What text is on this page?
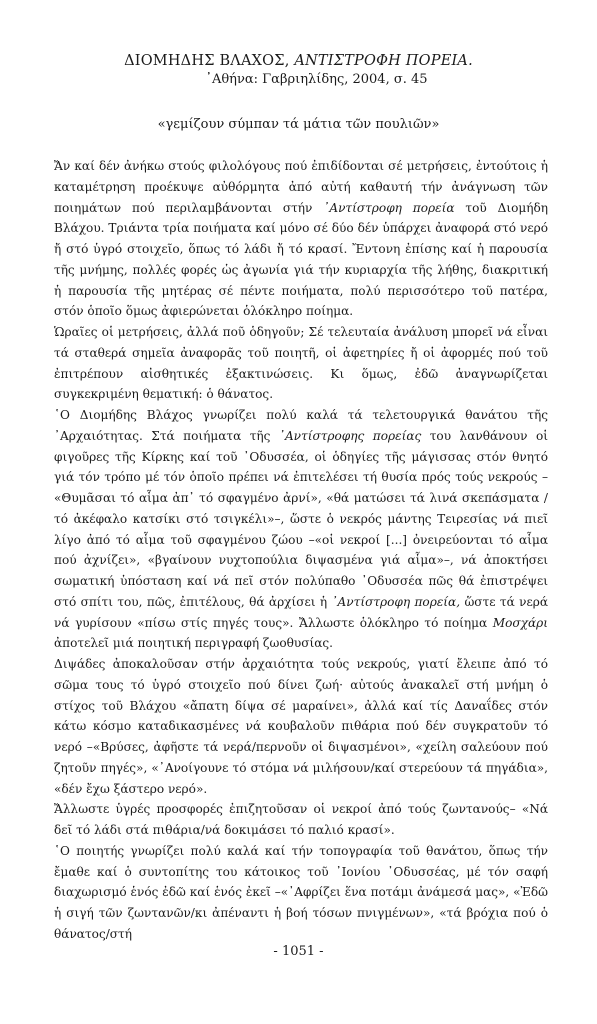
ΔΙΟΜΗΔΗΣ ΒΛΑΧΟΣ, ΑΝΤΙΣΤΡΟΦΗ ΠΟΡΕΙΑ.
᾿Αθήνα: Γαβριηλίδης, 2004, σ. 45
«γεμίζουν σύμπαν τά μάτια τῶν πουλιῶν»

Ἄν καί δέν ἀνήκω στούς φιλολόγους πού ἐπιδίδονται σέ μετρήσεις, ἐντούτοις ἡ καταμέτρηση προέκυψε αὐθόρμητα ἀπό αὐτή καθαυτή τήν ἀνάγνωση τῶν ποιημάτων πού περιλαμβάνονται στήν ᾿Αντίστροφη πορεία τοῦ Διομήδη Βλάχου. Τριάντα τρία ποιήματα καί μόνο σέ δύο δέν ὑπάρχει ἀναφορά στό νερό ἤ στό ὑγρό στοιχεῖο, ὅπως τό λάδι ἤ τό κρασί. Ἔντονη ἐπίσης καί ἡ παρουσία τῆς μνήμης, πολλές φορές ὡς ἀγωνία γιά τήν κυριαρχία τῆς λήθης, διακριτική ἡ παρουσία τῆς μητέρας σέ πέντε ποιήματα, πολύ περισσότερο τοῦ πατέρα, στόν ὁποῖο ὅμως ἀφιερώνεται ὁλόκληρο ποίημα.

Ὡραῖες οἱ μετρήσεις, ἀλλά ποῦ ὁδηγοῦν; Σέ τελευταία ἀνάλυση μπορεῖ νά εἶναι τά σταθερά σημεῖα ἀναφορᾶς τοῦ ποιητῆ, οἱ ἀφετηρίες ἤ οἱ ἀφορμές πού τοῦ ἐπιτρέπουν αἰσθητικές ἐξακτινώσεις. Κι ὅμως, ἐδῶ ἀναγνωρίζεται συγκεκριμένη θεματική: ὁ θάνατος.

῾Ο Διομήδης Βλάχος γνωρίζει πολύ καλά τά τελετουργικά θανάτου τῆς ᾿Αρχαιότητας. Στά ποιήματα τῆς ᾿Αντίστροφης πορείας του λανθάνουν οἱ φιγοῦρες τῆς Κίρκης καί τοῦ ᾿Οδυσσέα, οἱ ὁδηγίες τῆς μάγισσας στόν θνητό γιά τόν τρόπο μέ τόν ὁποῖο πρέπει νά ἐπιτελέσει τή θυσία πρός τούς νεκρούς – «Θυμᾶσαι τό αἷμα ἀπ᾿ τό σφαγμένο ἀρνί», «θά ματώσει τά λινά σκεπάσματα / τό ἀκέφαλο κατσίκι στό τσιγκέλι»–, ὥστε ὁ νεκρός μάντης Τειρεσίας νά πιεῖ λίγο ἀπό τό αἷμα τοῦ σφαγμένου ζώου –«οἱ νεκροί [...] ὀνειρεύονται τό αἷμα πού ἀχνίζει», «βγαίνουν νυχτοπούλια διψασμένα γιά αἷμα»–, νά ἀποκτήσει σωματική ὑπόσταση καί νά πεῖ στόν πολύπαθο ᾿Οδυσσέα πῶς θά ἐπιστρέψει στό σπίτι του, πῶς, ἐπιτέλους, θά ἀρχίσει ἡ ᾿Αντίστροφη πορεία, ὥστε τά νερά νά γυρίσουν «πίσω στίς πηγές τους». Ἄλλωστε ὁλόκληρο τό ποίημα Μοσχάρι ἀποτελεῖ μιά ποιητική περιγραφή ζωοθυσίας.

Διψάδες ἀποκαλοῦσαν στήν ἀρχαιότητα τούς νεκρούς, γιατί ἔλειπε ἀπό τό σῶμα τους τό ὑγρό στοιχεῖο πού δίνει ζωή· αὐτούς ἀνακαλεῖ στή μνήμη ὁ στίχος τοῦ Βλάχου «ἄπατη δίψα σέ μαραίνει», ἀλλά καί τίς Δαναΐδες στόν κάτω κόσμο καταδικασμένες νά κουβαλοῦν πιθάρια πού δέν συγκρατοῦν τό νερό –«Βρύσες, ἀφῆστε τά νερά/περνοῦν οἱ διψασμένοι», «χείλη σαλεύουν πού ζητοῦν πηγές», «᾿Ανοίγουνε τό στόμα νά μιλήσουν/καί στερεύουν τά πηγάδια», «δέν ἔχω ξάστερο νερό».

Ἄλλωστε ὑγρές προσφορές ἐπιζητοῦσαν οἱ νεκροί ἀπό τούς ζωντανούς– «Νά δεῖ τό λάδι στά πιθάρια/νά δοκιμάσει τό παλιό κρασί».

῾Ο ποιητής γνωρίζει πολύ καλά καί τήν τοπογραφία τοῦ θανάτου, ὅπως τήν ἔμαθε καί ὁ συντοπίτης του κάτοικος τοῦ ᾿Ιονίου ᾿Οδυσσέας, μέ τόν σαφή διαχωρισμό ἑνός ἐδῶ καί ἑνός ἐκεῖ –«᾿Αφρίζει ἕνα ποτάμι ἀνάμεσά μας», «Ἐδῶ ἡ σιγή τῶν ζωντανῶν/κι ἀπέναντι ἡ βοή τόσων πνιγμένων», «τά βρόχια πού ὁ θάνατος/στή

- 1051 -
